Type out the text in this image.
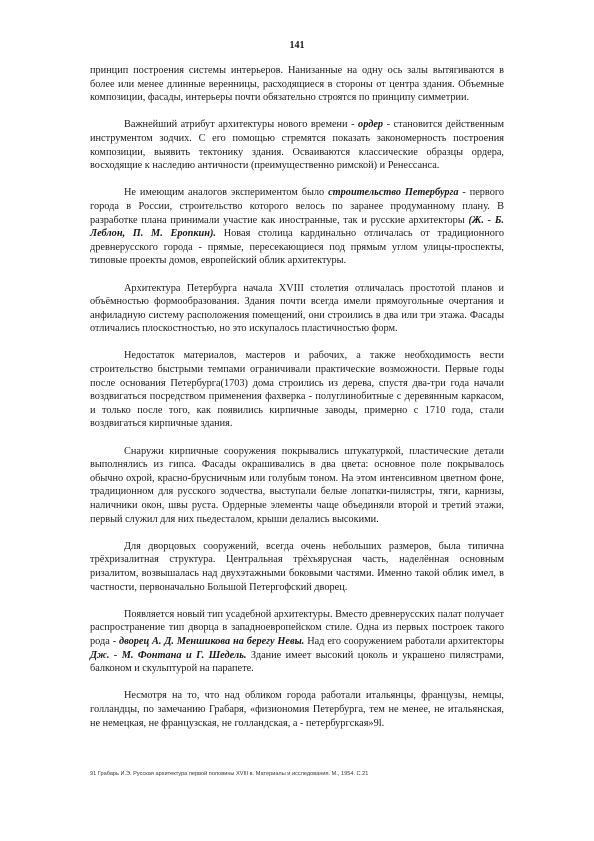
141

принцип построения системы интерьеров. Нанизанные на одну ось залы вытягиваются в более или менее длинные веренницы, расходящиеся в стороны от центра здания. Объемные композиции, фасады, интерьеры почти обязательно строятся по принципу симметрии.

Важнейший атрибут архитектуры нового времени - ордер - становится действенным инструментом зодчих. С его помощью стремятся показать закономерность построения композиции, выявить тектонику здания. Осваиваются классические образцы ордера, восходящие к наследию античности (преимущественно римской) и Ренессанса.

Не имеющим аналогов экспериментом было строительство Петербурга - первого города в России, строительство которого велось по заранее продуманному плану. В разработке плана принимали участие как иностранные, так и русские архитекторы (Ж. - Б. Леблон, П. М. Еропкин). Новая столица кардинально отличалась от традиционного древнерусского города - прямые, пересекающиеся под прямым углом улицы-проспекты, типовые проекты домов, европейский облик архитектуры.

Архитектура Петербурга начала XVIII столетия отличалась простотой планов и объёмностью формообразования. Здания почти всегда имели прямоугольные очертания и анфиладную систему расположения помещений, они строились в два или три этажа. Фасады отличались плоскостностью, но это искупалось пластичностью форм.

Недостаток материалов, мастеров и рабочих, а также необходимость вести строительство быстрыми темпами ограничивали практические возможности. Первые годы после основания Петербурга(1703) дома строились из дерева, спустя два-три года начали воздвигаться посредством применения фахверка - полуглинобитные с деревянным каркасом, и только после того, как появились кирпичные заводы, примерно с 1710 года, стали воздвигаться кирпичные здания.

Снаружи кирпичные сооружения покрывались штукатуркой, пластические детали выполнялись из гипса. Фасады окрашивались в два цвета: основное поле покрывалось обычно охрой, красно-брусничным или голубым тоном. На этом интенсивном цветном фоне, традиционном для русского зодчества, выступали белые лопатки-пилястры, тяги, карнизы, наличники окон, швы руста. Ордерные элементы чаще объединяли второй и третий этажи, первый служил для них пьедесталом, крыши делались высокими.

Для дворцовых сооружений, всегда очень небольших размеров, была типична трёхризалитная структура. Центральная трёхъярусная часть, наделённая основным ризалитом, возвышалась над двухэтажными боковыми частями. Именно такой облик имел, в частности, первоначально Большой Петергофский дворец.

Появляется новый тип усадебной архитектуры. Вместо древнерусских палат получает распространение тип дворца в западноевропейском стиле. Одна из первых построек такого рода - дворец А. Д. Меншикова на берегу Невы. Над его сооружением работали архитекторы Дж. - М. Фонтана и Г. Шедель. Здание имеет высокий цоколь и украшено пилястрами, балконом и скульптурой на парапете.

Несмотря на то, что над обликом города работали итальянцы, французы, немцы, голландцы, по замечанию Грабаря, «физиономия Петербурга, тем не менее, не итальянская, не немецкая, не французская, не голландская, а - петербургская»9l.

91 Грабарь И.Э. Русская архитектура первой половины XVIII в. Материалы и исследования. М., 1954. С.21
